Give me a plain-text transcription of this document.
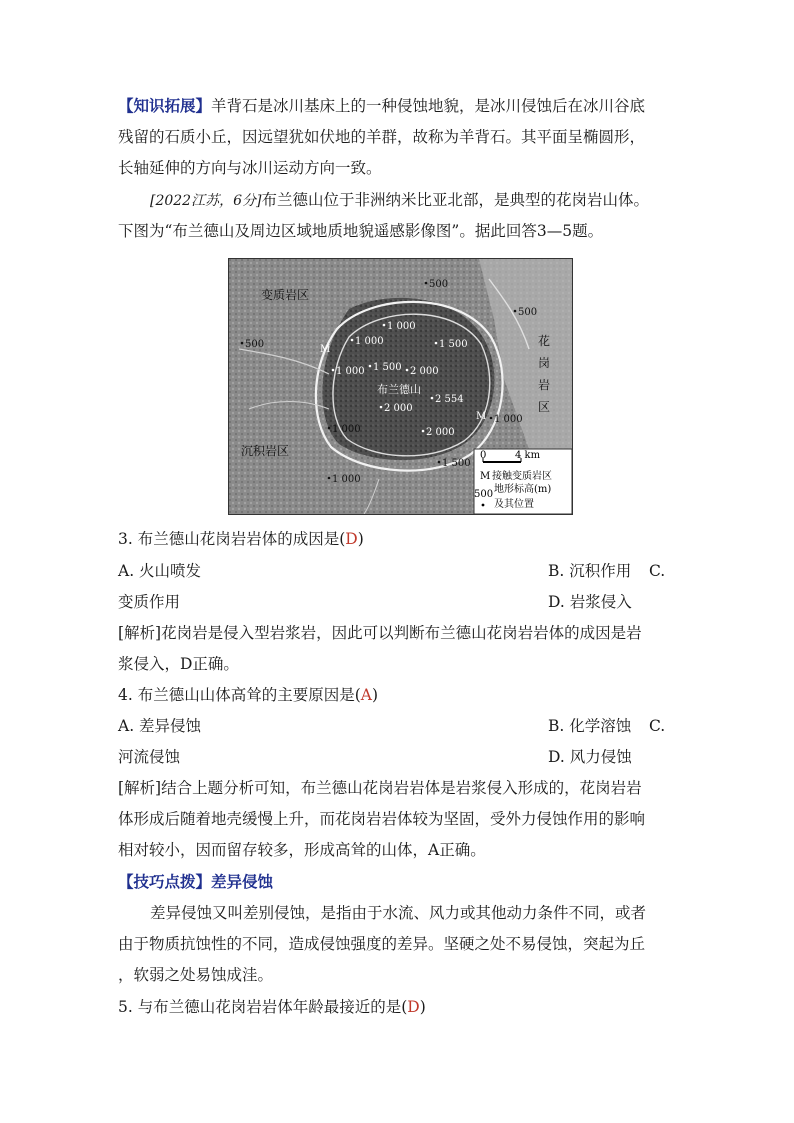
【知识拓展】羊背石是冰川基床上的一种侵蚀地貌，是冰川侵蚀后在冰川谷底
残留的石质小丘，因远望犹如伏地的羊群，故称为羊背石。其平面呈椭圆形，
长轴延伸的方向与冰川运动方向一致。
[2022江苏，6分]布兰德山位于非洲纳米比亚北部，是典型的花岗岩山体。
下图为“布兰德山及周边区域地质地貌遥感影像图”。据此回答3—5题。
变质岩区
沉积岩区
花
岗
岩
区
布兰德山
M
M
500
500
500
1 000
1 000	1 500
1 000 1 500 2 000
2 000
2 554
1 000
1 000	2 000
1 500
1 000
0	4 km
M 接触变质岩区
500 地形标高(m)
及其位置
3. 布兰德山花岗岩岩体的成因是(D)
A. 火山喷发	B. 沉积作用 C.
变质作用	D. 岩浆侵入
[解析]花岗岩是侵入型岩浆岩，因此可以判断布兰德山花岗岩岩体的成因是岩
浆侵入，D正确。
4. 布兰德山山体高耸的主要原因是(A)
A. 差异侵蚀	B. 化学溶蚀 C.
河流侵蚀	D. 风力侵蚀
[解析]结合上题分析可知，布兰德山花岗岩岩体是岩浆侵入形成的，花岗岩岩
体形成后随着地壳缓慢上升，而花岗岩岩体较为坚固，受外力侵蚀作用的影响
相对较小，因而留存较多，形成高耸的山体，A正确。
【技巧点拨】差异侵蚀
差异侵蚀又叫差别侵蚀，是指由于水流、风力或其他动力条件不同，或者
由于物质抗蚀性的不同，造成侵蚀强度的差异。坚硬之处不易侵蚀，突起为丘
，软弱之处易蚀成洼。
5. 与布兰德山花岗岩岩体年龄最接近的是(D)
